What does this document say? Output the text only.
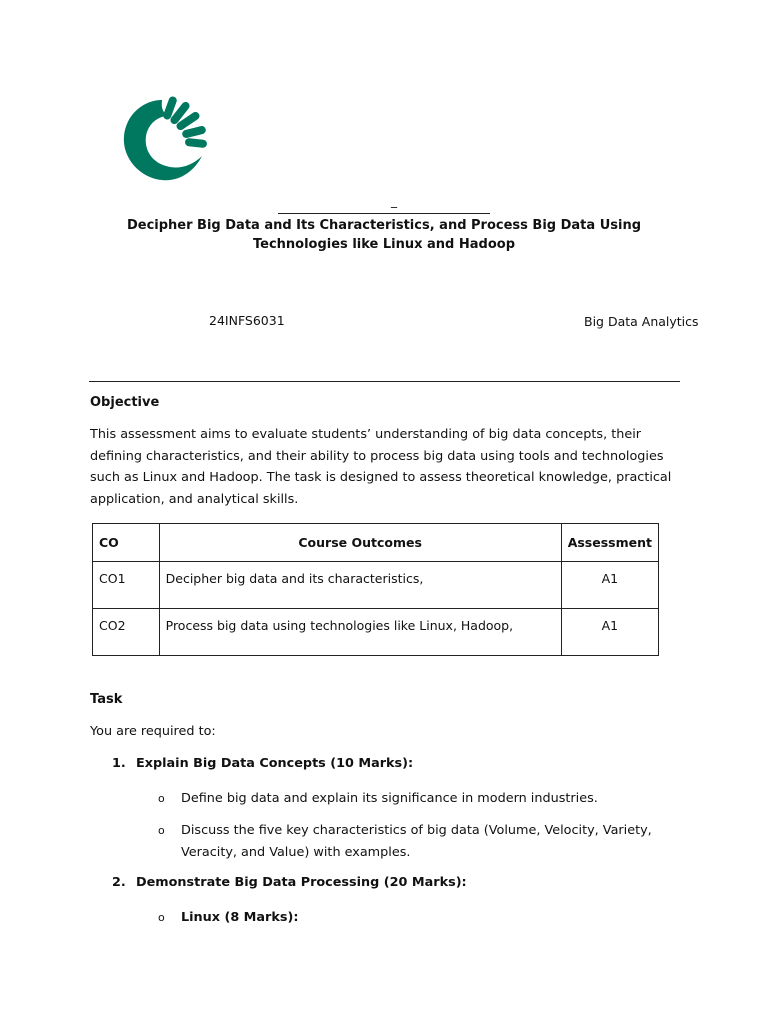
_
Decipher Big Data and Its Characteristics, and Process Big Data Using Technologies like Linux and Hadoop
24INFS6031	Big Data Analytics
Objective
This assessment aims to evaluate students’ understanding of big data concepts, their defining characteristics, and their ability to process big data using tools and technologies such as Linux and Hadoop. The task is designed to assess theoretical knowledge, practical application, and analytical skills.
CO	Course Outcomes	Assessment
CO1	Decipher big data and its characteristics,	A1
CO2	Process big data using technologies like Linux, Hadoop,	A1
Task
You are required to:
1. Explain Big Data Concepts (10 Marks):
o Define big data and explain its significance in modern industries.
o Discuss the five key characteristics of big data (Volume, Velocity, Variety, Veracity, and Value) with examples.
2. Demonstrate Big Data Processing (20 Marks):
o Linux (8 Marks):
